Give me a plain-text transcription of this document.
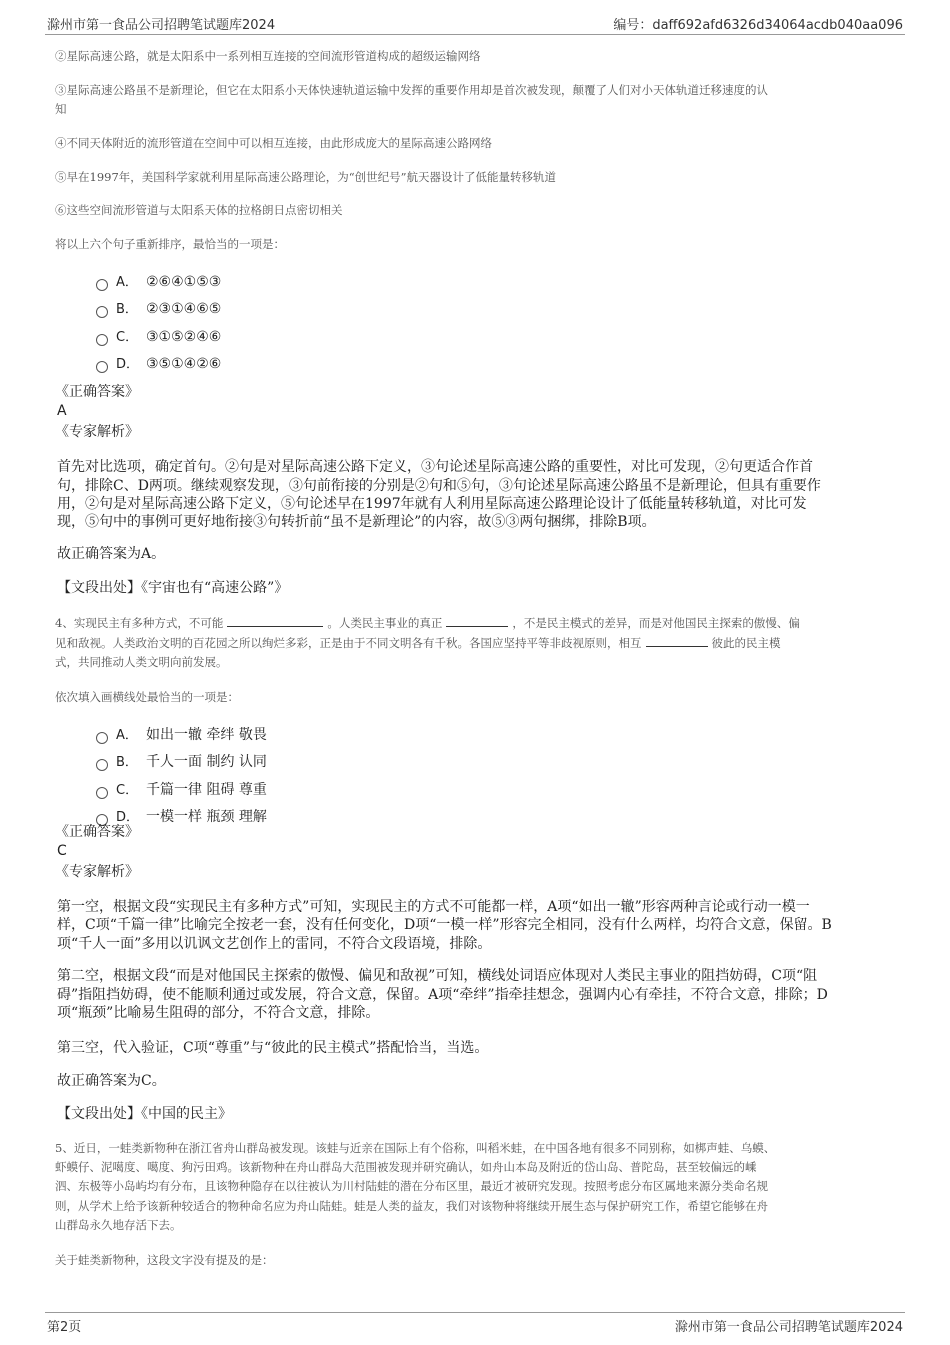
滁州市第一食品公司招聘笔试题库2024	编号：daff692afd6326d34064acdb040aa096
②星际高速公路，就是太阳系中一系列相互连接的空间流形管道构成的超级运输网络
③星际高速公路虽不是新理论，但它在太阳系小天体快速轨道运输中发挥的重要作用却是首次被发现，颠覆了人们对小天体轨道迁移速度的认
知
④不同天体附近的流形管道在空间中可以相互连接，由此形成庞大的星际高速公路网络
⑤早在1997年，美国科学家就利用星际高速公路理论，为“创世纪号”航天器设计了低能量转移轨道
⑥这些空间流形管道与太阳系天体的拉格朗日点密切相关
将以上六个句子重新排序，最恰当的一项是：
A． ②⑥④①⑤③
B． ②③①④⑥⑤
C． ③①⑤②④⑥
D． ③⑤①④②⑥
《正确答案》
A
《专家解析》
首先对比选项，确定首句。②句是对星际高速公路下定义，③句论述星际高速公路的重要性，对比可发现，②句更适合作首
句，排除C、D两项。继续观察发现，③句前衔接的分别是②句和⑤句，③句论述星际高速公路虽不是新理论，但具有重要作
用，②句是对星际高速公路下定义，⑤句论述早在1997年就有人利用星际高速公路理论设计了低能量转移轨道，对比可发
现，⑤句中的事例可更好地衔接③句转折前“虽不是新理论”的内容，故⑤③两句捆绑，排除B项。
故正确答案为A。
【文段出处】《宇宙也有“高速公路”》
4、实现民主有多种方式，不可能	。人类民主事业的真正	，不是民主模式的差异，而是对他国民主探索的傲慢、偏
见和敌视。人类政治文明的百花园之所以绚烂多彩，正是由于不同文明各有千秋。各国应坚持平等非歧视原则，相互	彼此的民主模
式，共同推动人类文明向前发展。
依次填入画横线处最恰当的一项是：
A． 如出一辙 牵绊 敬畏
B． 千人一面 制约 认同
C． 千篇一律 阻碍 尊重
D． 一模一样 瓶颈 理解
《正确答案》
C
《专家解析》
第一空，根据文段“实现民主有多种方式”可知，实现民主的方式不可能都一样，A项“如出一辙”形容两种言论或行动一模一
样，C项“千篇一律”比喻完全按老一套，没有任何变化，D项“一模一样”形容完全相同，没有什么两样，均符合文意，保留。B
项“千人一面”多用以讥讽文艺创作上的雷同，不符合文段语境，排除。
第二空，根据文段“而是对他国民主探索的傲慢、偏见和敌视”可知，横线处词语应体现对人类民主事业的阻挡妨碍，C项“阻
碍”指阻挡妨碍，使不能顺利通过或发展，符合文意，保留。A项“牵绊”指牵挂想念，强调内心有牵挂，不符合文意，排除；D
项“瓶颈”比喻易生阻碍的部分，不符合文意，排除。
第三空，代入验证，C项“尊重”与“彼此的民主模式”搭配恰当，当选。
故正确答案为C。
【文段出处】《中国的民主》
5、近日，一蛙类新物种在浙江省舟山群岛被发现。该蛙与近亲在国际上有个俗称，叫稻米蛙，在中国各地有很多不同别称，如梆声蛙、乌蟆、
虾蟆仔、泥噶度、噶度、狗污田鸡。该新物种在舟山群岛大范围被发现并研究确认，如舟山本岛及附近的岱山岛、普陀岛，甚至较偏远的嵊
泗、东极等小岛屿均有分布，且该物种隐存在以往被认为川村陆蛙的潜在分布区里，最近才被研究发现。按照考虑分布区属地来源分类命名规
则，从学术上给予该新种较适合的物种命名应为舟山陆蛙。蛙是人类的益友，我们对该物种将继续开展生态与保护研究工作，希望它能够在舟
山群岛永久地存活下去。
关于蛙类新物种，这段文字没有提及的是：
第2页	滁州市第一食品公司招聘笔试题库2024
